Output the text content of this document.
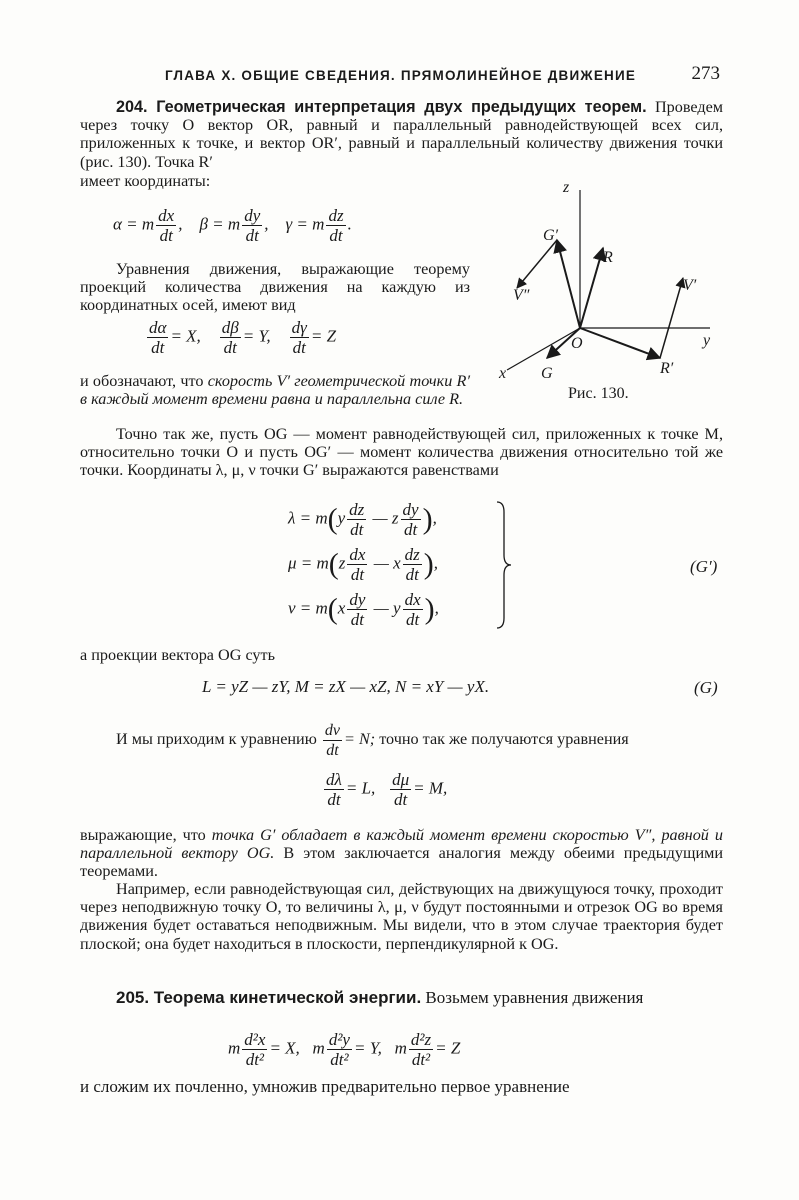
ГЛАВА X. ОБЩИЕ СВЕДЕНИЯ. ПРЯМОЛИНЕЙНОЕ ДВИЖЕНИЕ	273
204. Геометрическая интерпретация двух предыдущих теорем. Проведем через точку O вектор OR, равный и параллельный равнодействующей всех сил, приложенных к точке, и вектор OR′, равный и параллельный количеству движения точки (рис. 130). Точка R′
имеет координаты:
α = m $\frac{dx}{dt}$ ,    β = m $\frac{dy}{dt}$ ,    γ = m $\frac{dz}{dt}$ .
Уравнения движения, выражающие теорему проекций количества движения на каждую из координатных осей, имеют вид
$\frac{d\alpha}{dt} = X$, $\frac{d\beta}{dt} = Y$, $\frac{d\gamma}{dt} = Z$
и обозначают, что скорость V′ геометрической точки R′ в каждый момент времени равна и параллельна силе R.
z
y
x
O
G′
V″
R
V′
R′
G
Рис. 130.
Точно так же, пусть OG — момент равнодействующей сил, приложенных к точке M, относительно точки O и пусть OG′ — момент количества движения относительно той же точки. Координаты λ, μ, ν точки G′ выражаются равенствами
$\lambda = m(y \frac{dz}{dt}$ — z $\frac{dy}{dt}$ ),
$\mu = m(z \frac{dx}{dt}$ — x $\frac{dz}{dt}$ ),
$\nu = m(x \frac{dy}{dt}$ — y $\frac{dx}{dt}$ ),
(G′)
а проекции вектора OG суть
L = yZ — zY, M = zX — xZ, N = xY — yX.	(G)
И мы приходим к уравнению $\frac{d\nu}{dt} = N$; точно так же получаются уравнения
$\frac{d\lambda}{dt} = L$, $\frac{d\mu}{dt} = M$,
выражающие, что точка G′ обладает в каждый момент времени скоростью V″, равной и параллельной вектору OG. В этом заключается аналогия между обеими предыдущими теоремами.
Например, если равнодействующая сил, действующих на движущуюся точку, проходит через неподвижную точку O, то величины λ, μ, ν будут постоянными и отрезок OG во время движения будет оставаться неподвижным. Мы видели, что в этом случае траектория будет плоской; она будет находиться в плоскости, перпендикулярной к OG.
205. Теорема кинетической энергии. Возьмем уравнения движения
m $\frac{\text{d²x}}{\text{dt²}} = X$, m $\frac{\text{d²y}}{\text{dt²}} = Y$, m $\frac{\text{d²z}}{\text{dt²}} = Z$
и сложим их почленно, умножив предварительно первое уравнение
